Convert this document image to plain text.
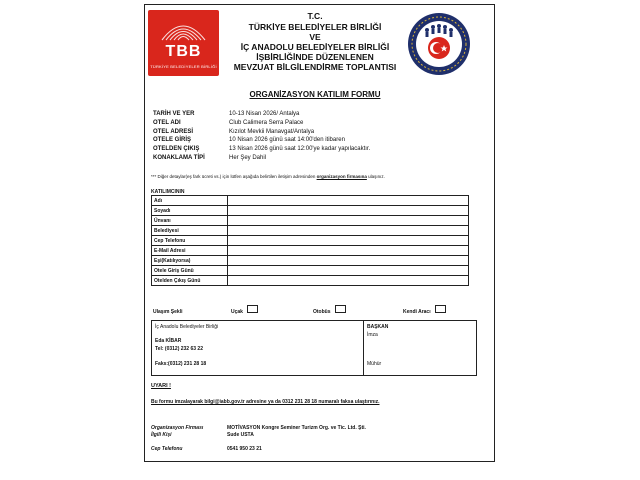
TBB
TÜRKİYE BELEDİYELER BİRLİĞİ
T.C.
TÜRKİYE BELEDİYELER BİRLİĞİ
VE
İÇ ANADOLU BELEDİYELER BİRLİĞİ
İŞBİRLİĞİNDE DÜZENLENEN
MEVZUAT BİLGİLENDİRME TOPLANTISI
ORGANİZASYON KATILIM FORMU
TARİH VE YER	10-13 Nisan 2026/ Antalya
OTEL ADI	Club Calimera Serra Palace
OTEL ADRESİ	Kızılot Mevkii Manavgat/Antalya
OTELE GİRİŞ	10 Nisan 2026 günü saat 14:00'den itibaren
OTELDEN ÇIKIŞ	13 Nisan 2026 günü saat 12:00'ye kadar yapılacaktır.
KONAKLAMA TİPİ	Her Şey Dahil
*** Diğer detaylar(eş fark ücreti vs.) için lütfen aşağıda belirtilen iletişim adresinden organizasyon firmasına ulaşınız.
KATILIMCININ
Adı	
Soyadı	
Ünvanı	
Belediyesi	
Cep Telefonu	
E-Mail Adresi	
Eşi(Katılıyorsa)	
Otele Giriş Günü	
Otelden Çıkış Günü	
Ulaşım Şekli	Uçak	Otobüs	Kendi Aracı
İç Anadolu Belediyeler Birliği
Eda KİBAR
Tel: (0312) 232 63 22
Faks:(0312) 231 28 18
BAŞKAN
İmza
Mühür
UYARI !
Bu formu imzalayarak bilgi@iabb.gov.tr adresine ya da 0312 231 28 18 numaralı faksa ulaştırınız.
Organizasyon Firması	MOTİVASYON Kongre Seminer Turizm Org. ve Tic. Ltd. Şti.
İlgili Kişi	Sude USTA
Cep Telefonu	0541 950 23 21
